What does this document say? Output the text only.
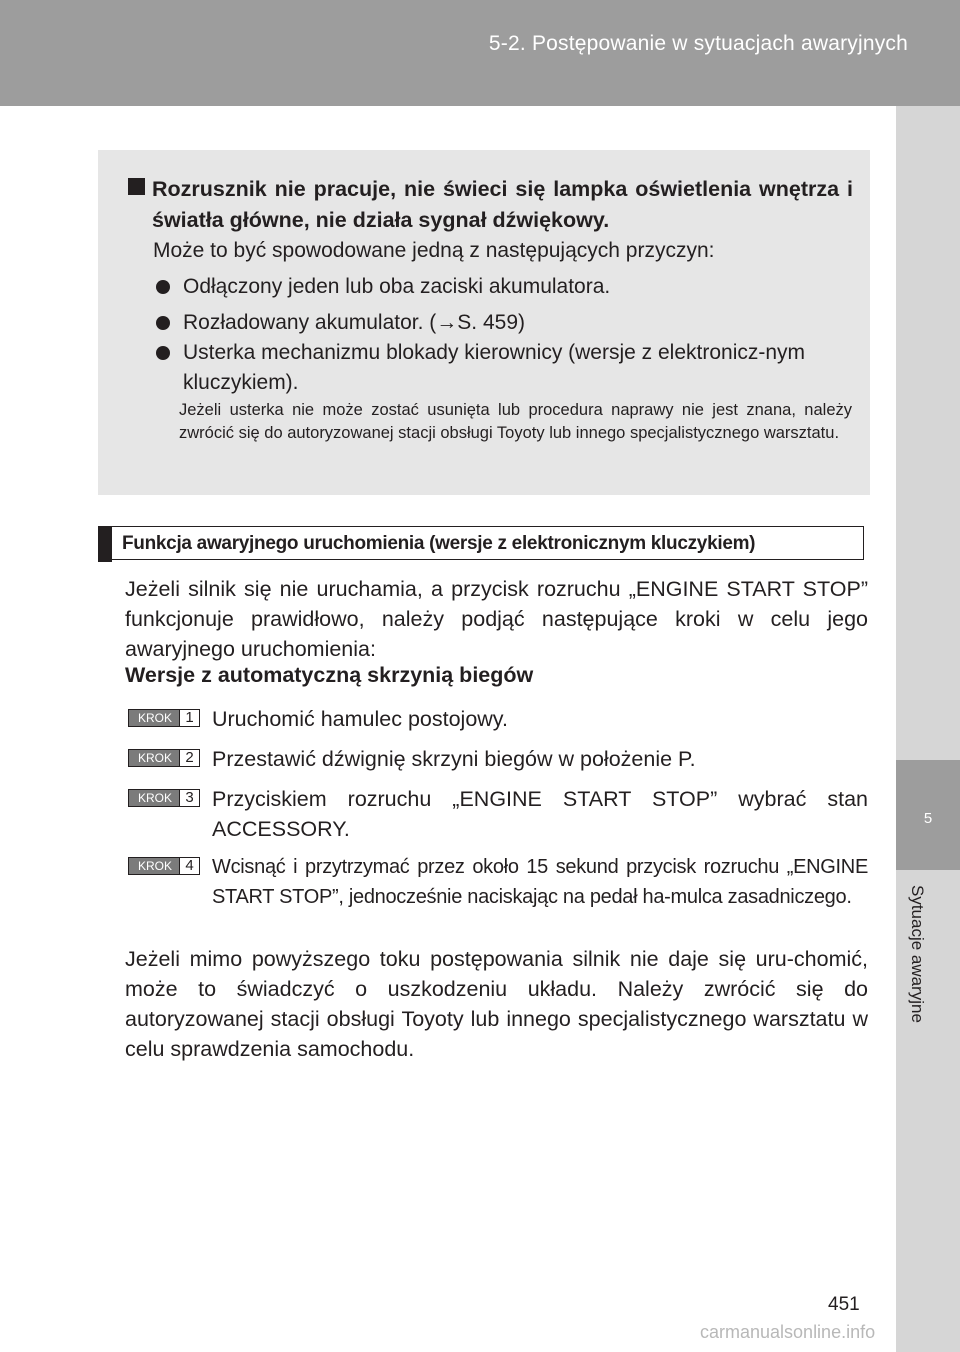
5-2. Postępowanie w sytuacjach awaryjnych
5
Sytuacje awaryjne
Rozrusznik nie pracuje, nie świeci się lampka oświetlenia wnętrza i światła główne, nie działa sygnał dźwiękowy.
Może to być spowodowane jedną z następujących przyczyn:
Odłączony jeden lub oba zaciski akumulatora.
Rozładowany akumulator. (→S. 459)
Usterka mechanizmu blokady kierownicy (wersje z elektronicz-nym kluczykiem).
Jeżeli usterka nie może zostać usunięta lub procedura naprawy nie jest znana, należy zwrócić się do autoryzowanej stacji obsługi Toyoty lub innego specjalistycznego warsztatu.
Funkcja awaryjnego uruchomienia (wersje z elektronicznym kluczykiem)
Jeżeli silnik się nie uruchamia, a przycisk rozruchu „ENGINE START STOP” funkcjonuje prawidłowo, należy podjąć następujące kroki w celu jego awaryjnego uruchomienia:
Wersje z automatyczną skrzynią biegów
KROK 1 Uruchomić hamulec postojowy.
KROK 2 Przestawić dźwignię skrzyni biegów w położenie P.
KROK 3 Przyciskiem rozruchu „ENGINE START STOP” wybrać stan ACCESSORY.
KROK 4 Wcisnąć i przytrzymać przez około 15 sekund przycisk rozruchu „ENGINE START STOP”, jednocześnie naciskając na pedał ha-mulca zasadniczego.
Jeżeli mimo powyższego toku postępowania silnik nie daje się uru-chomić, może to świadczyć o uszkodzeniu układu. Należy zwrócić się do autoryzowanej stacji obsługi Toyoty lub innego specjalistycznego warsztatu w celu sprawdzenia samochodu.
451
carmanualsonline.info
